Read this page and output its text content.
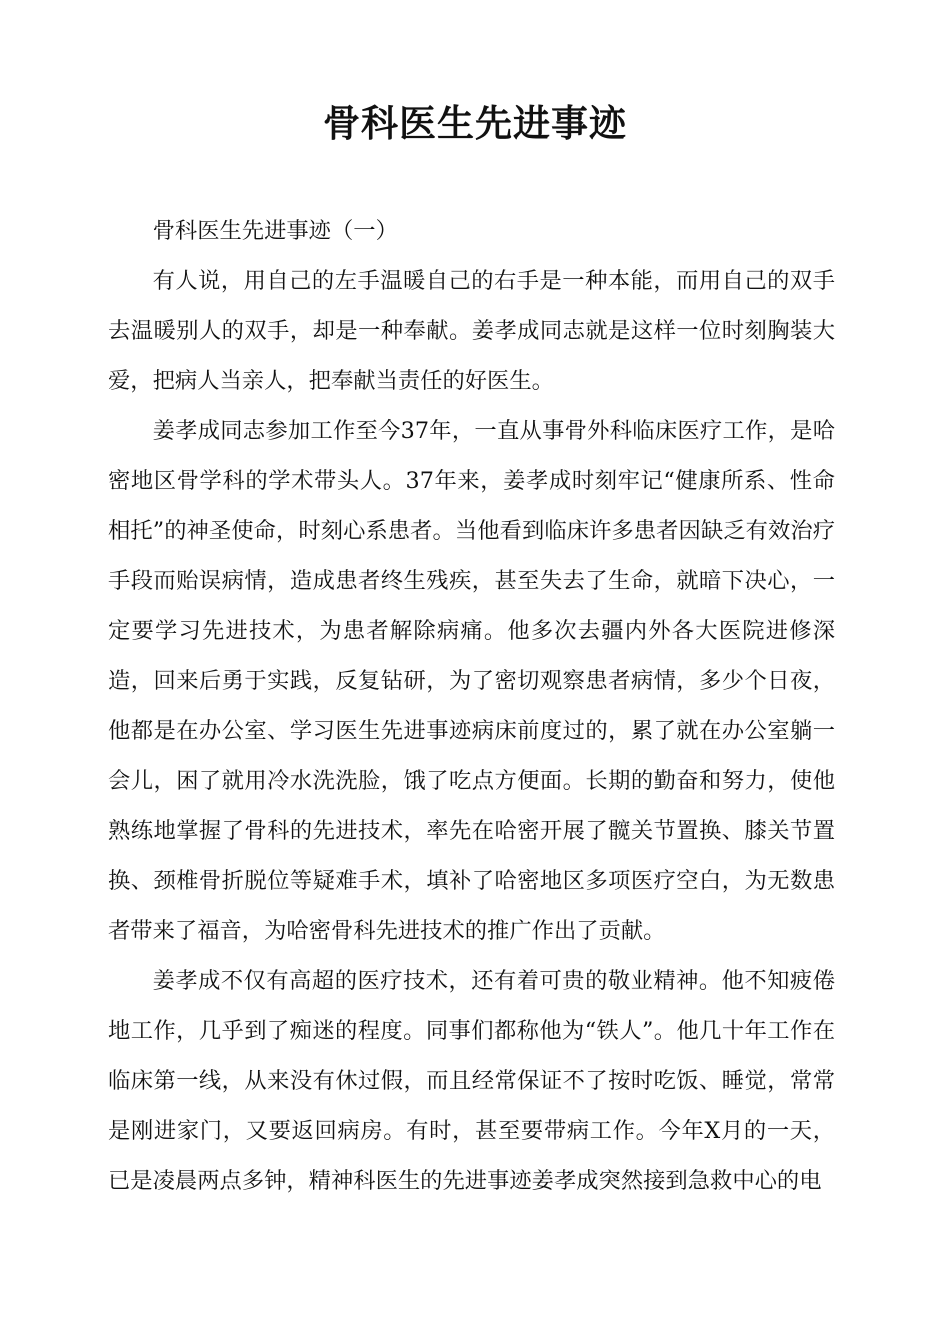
骨科医生先进事迹

骨科医生先进事迹（一）

有人说，用自己的左手温暖自己的右手是一种本能，而用自己的双手去温暖别人的双手，却是一种奉献。姜孝成同志就是这样一位时刻胸装大爱，把病人当亲人，把奉献当责任的好医生。

姜孝成同志参加工作至今37年，一直从事骨外科临床医疗工作，是哈密地区骨学科的学术带头人。37年来，姜孝成时刻牢记“健康所系、性命相托”的神圣使命，时刻心系患者。当他看到临床许多患者因缺乏有效治疗手段而贻误病情，造成患者终生残疾，甚至失去了生命，就暗下决心，一定要学习先进技术，为患者解除病痛。他多次去疆内外各大医院进修深造，回来后勇于实践，反复钻研，为了密切观察患者病情，多少个日夜，他都是在办公室、学习医生先进事迹病床前度过的，累了就在办公室躺一会儿，困了就用冷水洗洗脸，饿了吃点方便面。长期的勤奋和努力，使他熟练地掌握了骨科的先进技术，率先在哈密开展了髋关节置换、膝关节置换、颈椎骨折脱位等疑难手术，填补了哈密地区多项医疗空白，为无数患者带来了福音，为哈密骨科先进技术的推广作出了贡献。

姜孝成不仅有高超的医疗技术，还有着可贵的敬业精神。他不知疲倦地工作，几乎到了痴迷的程度。同事们都称他为“铁人”。他几十年工作在临床第一线，从来没有休过假，而且经常保证不了按时吃饭、睡觉，常常是刚进家门，又要返回病房。有时，甚至要带病工作。今年X月的一天，已是凌晨两点多钟，精神科医生的先进事迹姜孝成突然接到急救中心的电
